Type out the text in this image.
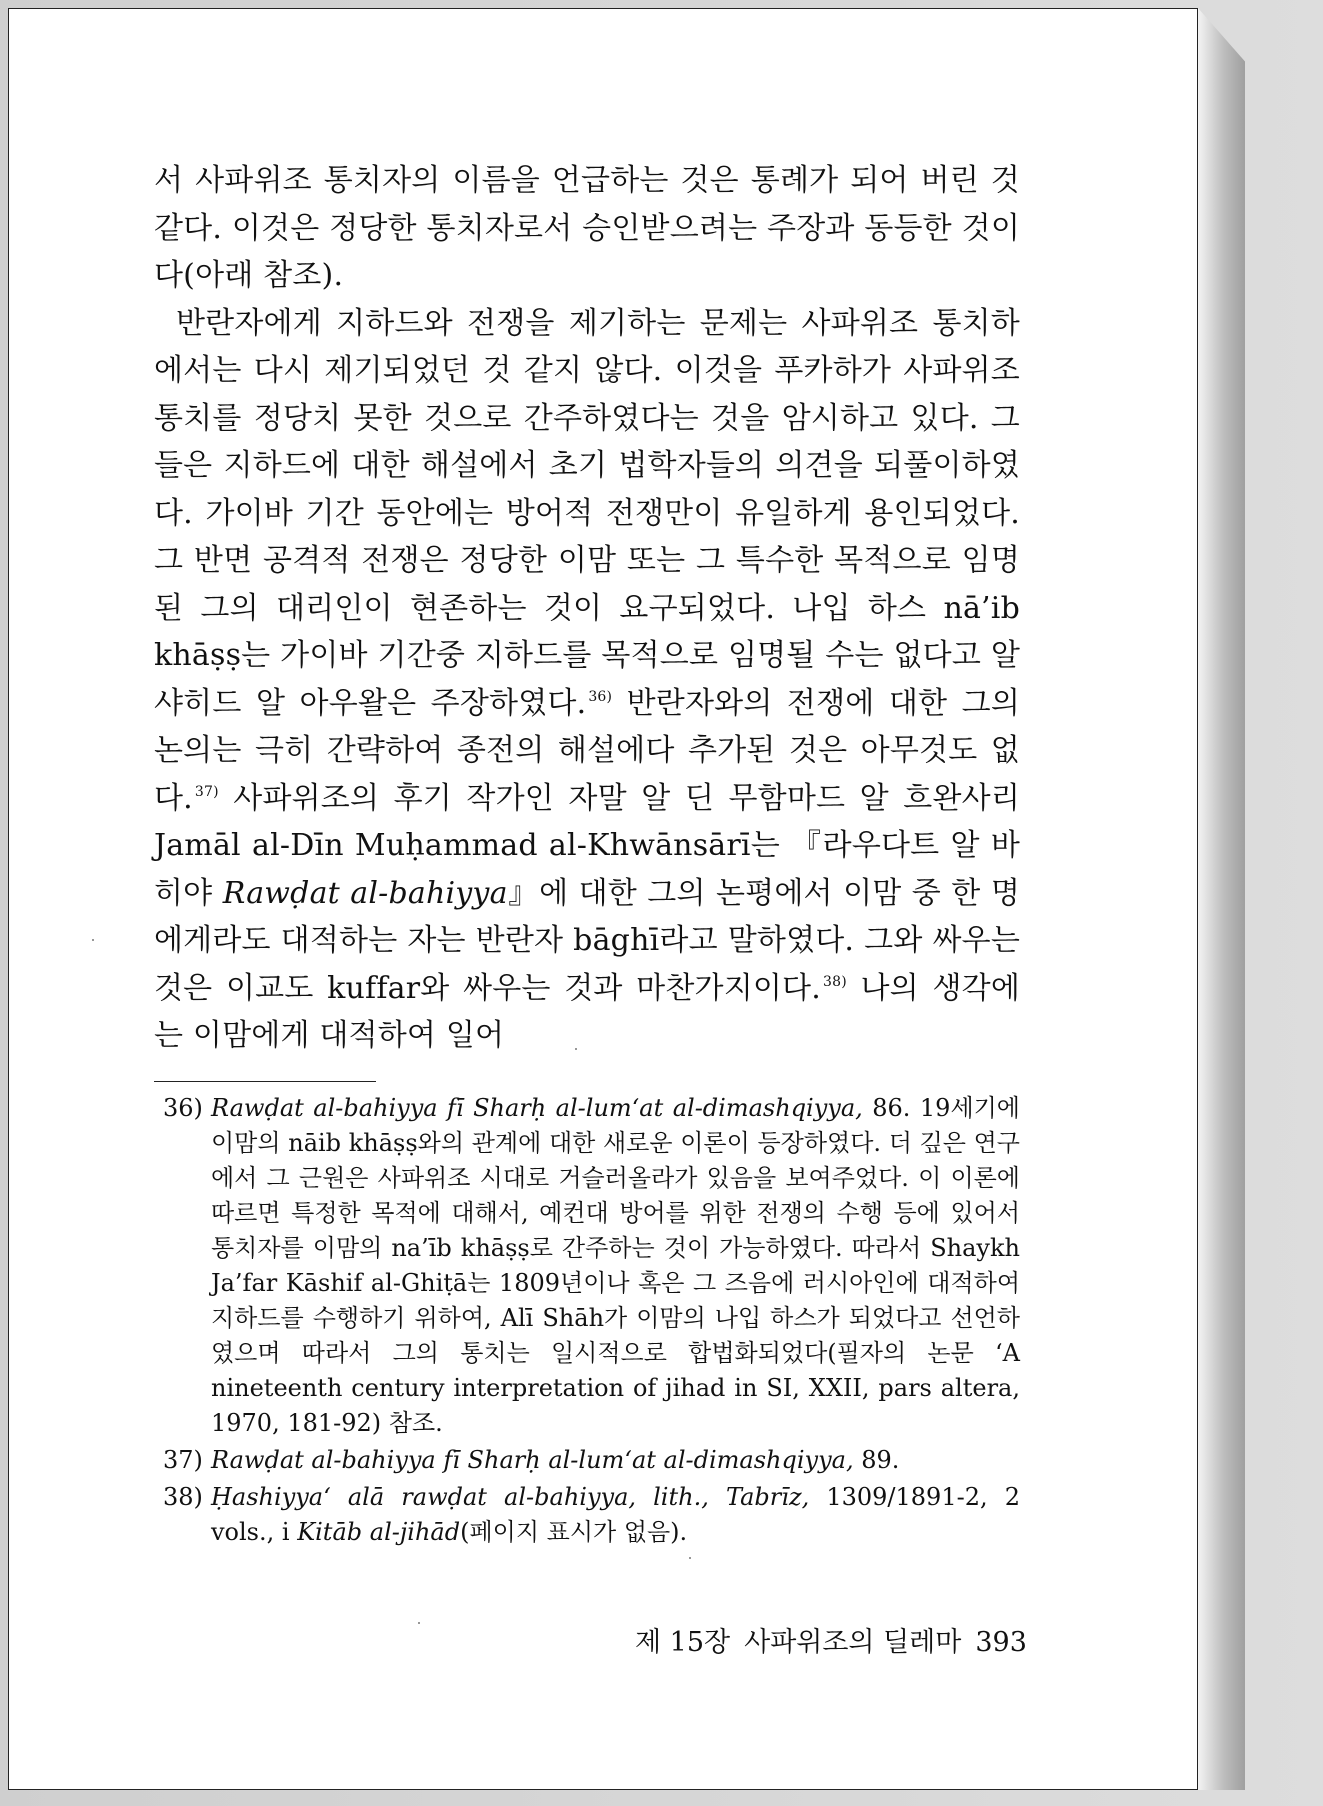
서 사파위조 통치자의 이름을 언급하는 것은 통례가 되어 버린 것 같다. 이것은 정당한 통치자로서 승인받으려는 주장과 동등한 것이다(아래 참조).

반란자에게 지하드와 전쟁을 제기하는 문제는 사파위조 통치하에서는 다시 제기되었던 것 같지 않다. 이것을 푸카하가 사파위조 통치를 정당치 못한 것으로 간주하였다는 것을 암시하고 있다. 그들은 지하드에 대한 해설에서 초기 법학자들의 의견을 되풀이하였다. 가이바 기간 동안에는 방어적 전쟁만이 유일하게 용인되었다. 그 반면 공격적 전쟁은 정당한 이맘 또는 그 특수한 목적으로 임명된 그의 대리인이 현존하는 것이 요구되었다. 나입 하스 nā’ib khāṣṣ는 가이바 기간중 지하드를 목적으로 임명될 수는 없다고 알 샤히드 알 아우왈은 주장하였다. $^{36)}$ 반란자와의 전쟁에 대한 그의 논의는 극히 간략하여 종전의 해설에다 추가된 것은 아무것도 없다. $^{37)}$ 사파위조의 후기 작가인 자말 알 딘 무함마드 알 흐완사리 Jamāl al-Dīn Muḥammad al-Khwānsārī는 『라우다트 알 바히야 Rawḍat al-bahiyya』에 대한 그의 논평에서 이맘 중 한 명에게라도 대적하는 자는 반란자 bāghī라고 말하였다. 그와 싸우는 것은 이교도 kuffar와 싸우는 것과 마찬가지이다. $^{38)}$ 나의 생각에는 이맘에게 대적하여 일어

36) Rawḍat al-bahiyya fī Sharḥ al-lum‘at al-dimashqiyya, 86. 19세기에 이맘의 nāib khāṣṣ와의 관계에 대한 새로운 이론이 등장하였다. 더 깊은 연구에서 그 근원은 사파위조 시대로 거슬러올라가 있음을 보여주었다. 이 이론에 따르면 특정한 목적에 대해서, 예컨대 방어를 위한 전쟁의 수행 등에 있어서 통치자를 이맘의 na’īb khāṣṣ로 간주하는 것이 가능하였다. 따라서 Shaykh Ja’far Kāshif al-Ghiṭā는 1809년이나 혹은 그 즈음에 러시아인에 대적하여 지하드를 수행하기 위하여, Alī Shāh가 이맘의 나입 하스가 되었다고 선언하였으며 따라서 그의 통치는 일시적으로 합법화되었다(필자의 논문 ‘A nineteenth century interpretation of jihad in SI, XXII, pars altera, 1970, 181-92) 참조.
37) Rawḍat al-bahiyya fī Sharḥ al-lum‘at al-dimashqiyya, 89.
38) Ḥashiyya‘ alā rawḍat al-bahiyya, lith., Tabrīz, 1309/1891-2, 2 vols., i Kitāb al-jihād(페이지 표시가 없음).
제 15장 사파위조의 딜레마 393
